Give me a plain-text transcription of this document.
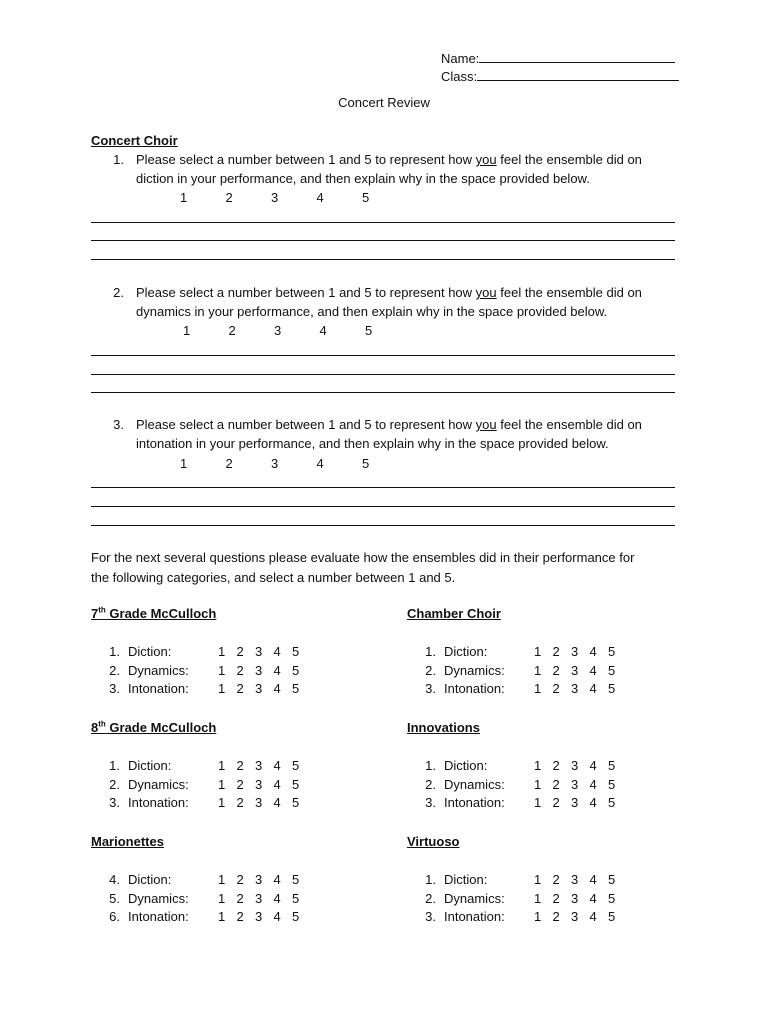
Name:
Class:
Concert Review
Concert Choir
1. Please select a number between 1 and 5 to represent how you feel the ensemble did on
diction in your performance, and then explain why in the space provided below.
1	2	3	4	5
2. Please select a number between 1 and 5 to represent how you feel the ensemble did on
dynamics in your performance, and then explain why in the space provided below.
1	2	3	4	5
3. Please select a number between 1 and 5 to represent how you feel the ensemble did on
intonation in your performance, and then explain why in the space provided below.
1	2	3	4	5
For the next several questions please evaluate how the ensembles did in their performance for
the following categories, and select a number between 1 and 5.
7th Grade McCulloch
1. Diction:	1 2 3 4 5
2. Dynamics: 1 2 3 4 5
3. Intonation: 1 2 3 4 5
Chamber Choir
1. Diction:	1 2 3 4 5
2. Dynamics: 1 2 3 4 5
3. Intonation: 1 2 3 4 5
8th Grade McCulloch
1. Diction:	1 2 3 4 5
2. Dynamics: 1 2 3 4 5
3. Intonation: 1 2 3 4 5
Innovations
1. Diction:	1 2 3 4 5
2. Dynamics: 1 2 3 4 5
3. Intonation: 1 2 3 4 5
Marionettes
4. Diction:	1 2 3 4 5
5. Dynamics: 1 2 3 4 5
6. Intonation: 1 2 3 4 5
Virtuoso
1. Diction:	1 2 3 4 5
2. Dynamics: 1 2 3 4 5
3. Intonation: 1 2 3 4 5
